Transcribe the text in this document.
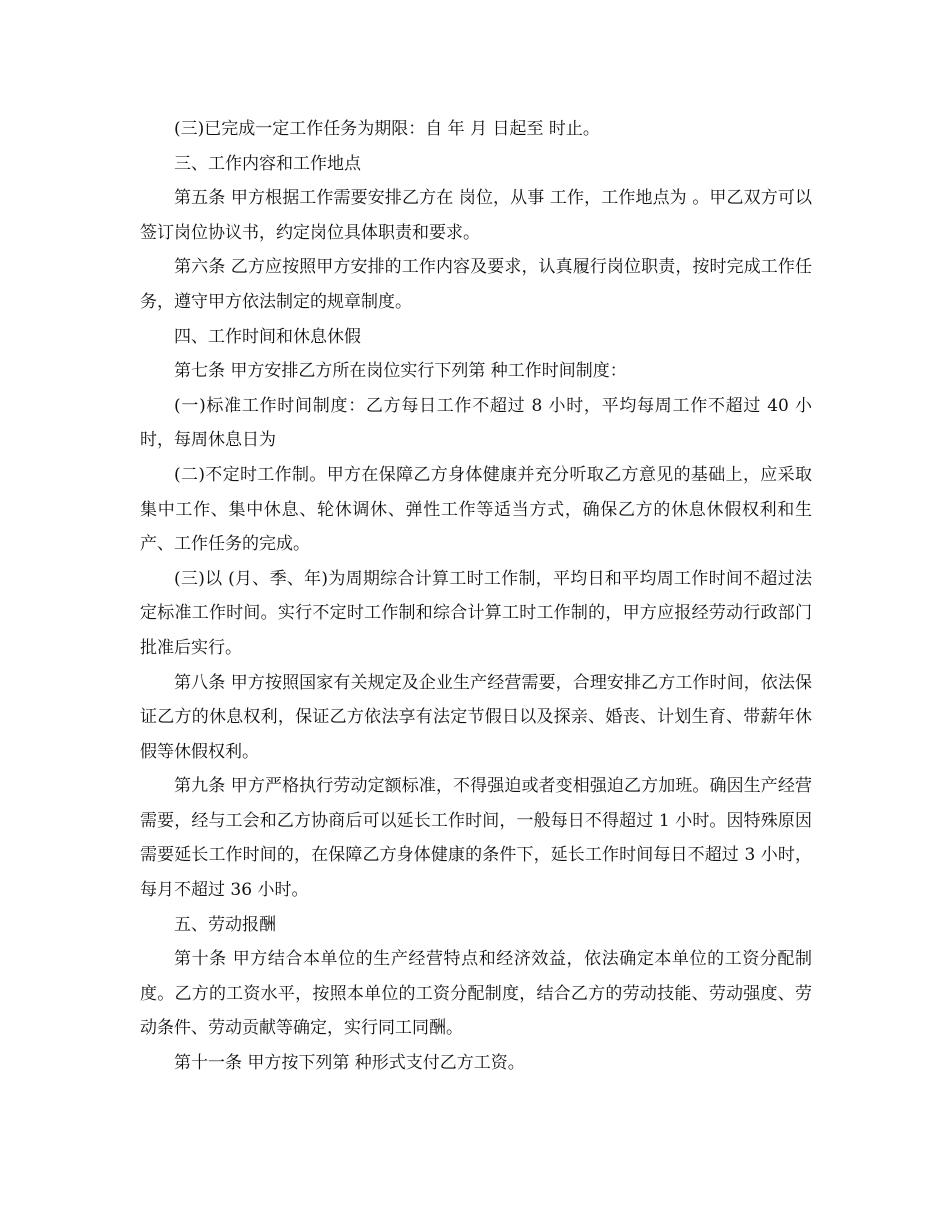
(三)已完成一定工作任务为期限：自 年 月 日起至 时止。

三、工作内容和工作地点

第五条 甲方根据工作需要安排乙方在 岗位，从事 工作，工作地点为 。甲乙双方可以签订岗位协议书，约定岗位具体职责和要求。

第六条 乙方应按照甲方安排的工作内容及要求，认真履行岗位职责，按时完成工作任务，遵守甲方依法制定的规章制度。

四、工作时间和休息休假

第七条 甲方安排乙方所在岗位实行下列第 种工作时间制度：

(一)标准工作时间制度：乙方每日工作不超过 8 小时，平均每周工作不超过 40 小时，每周休息日为

(二)不定时工作制。甲方在保障乙方身体健康并充分听取乙方意见的基础上，应采取集中工作、集中休息、轮休调休、弹性工作等适当方式，确保乙方的休息休假权利和生产、工作任务的完成。

(三)以 (月、季、年)为周期综合计算工时工作制，平均日和平均周工作时间不超过法定标准工作时间。实行不定时工作制和综合计算工时工作制的，甲方应报经劳动行政部门批准后实行。

第八条 甲方按照国家有关规定及企业生产经营需要，合理安排乙方工作时间，依法保证乙方的休息权利，保证乙方依法享有法定节假日以及探亲、婚丧、计划生育、带薪年休假等休假权利。

第九条 甲方严格执行劳动定额标准，不得强迫或者变相强迫乙方加班。确因生产经营需要，经与工会和乙方协商后可以延长工作时间，一般每日不得超过 1 小时。因特殊原因需要延长工作时间的，在保障乙方身体健康的条件下，延长工作时间每日不超过 3 小时，每月不超过 36 小时。

五、劳动报酬

第十条 甲方结合本单位的生产经营特点和经济效益，依法确定本单位的工资分配制度。乙方的工资水平，按照本单位的工资分配制度，结合乙方的劳动技能、劳动强度、劳动条件、劳动贡献等确定，实行同工同酬。

第十一条 甲方按下列第 种形式支付乙方工资。
